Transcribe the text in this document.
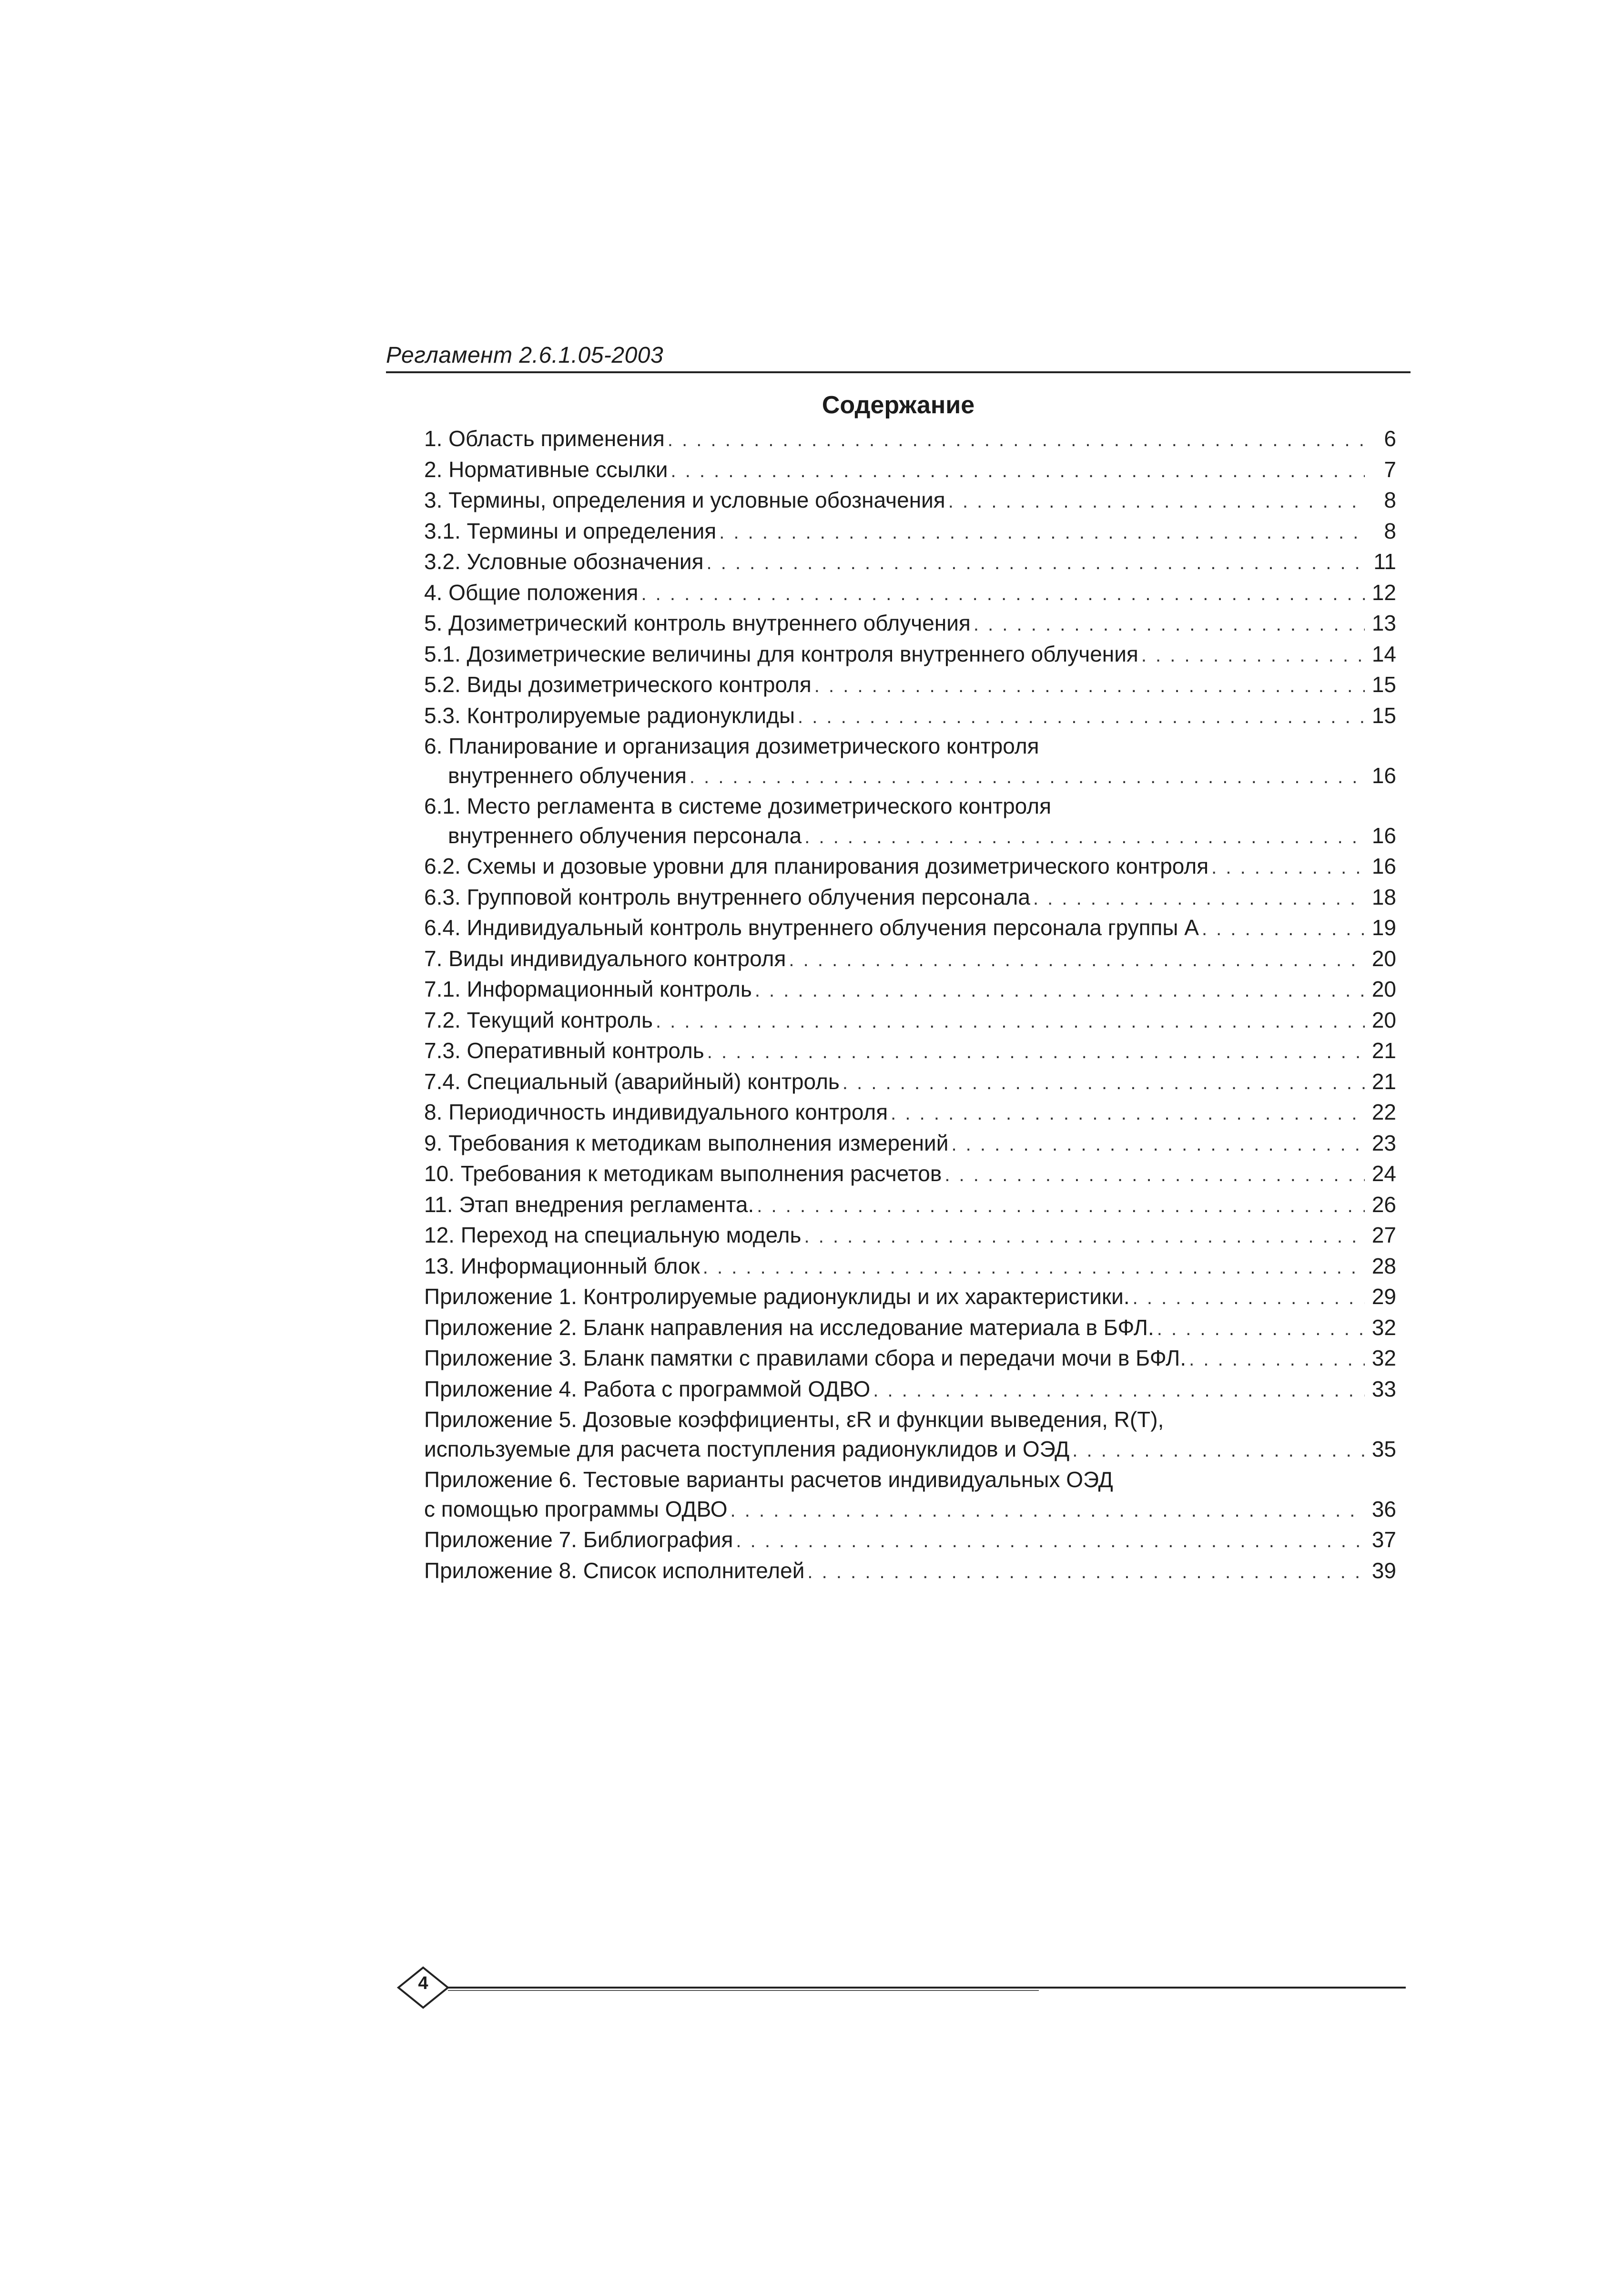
Регламент 2.6.1.05-2003
Содержание
1. Область применения . . .	6
2. Нормативные ссылки . . .	7
3. Термины, определения и условные обозначения . . .	8
3.1. Термины и определения . . .	8
3.2. Условные обозначения . . .	11
4. Общие положения . . .	12
5. Дозиметрический контроль внутреннего облучения . . .	13
5.1. Дозиметрические величины для контроля внутреннего облучения . . .	14
5.2. Виды дозиметрического контроля . . .	15
5.3. Контролируемые радионуклиды . . .	15
6. Планирование и организация дозиметрического контроля
внутреннего облучения . . .	16
6.1. Место регламента в системе дозиметрического контроля
внутреннего облучения персонала . . .	16
6.2. Схемы и дозовые уровни для планирования дозиметрического контроля . . .	16
6.3. Групповой контроль внутреннего облучения персонала . . .	18
6.4. Индивидуальный контроль внутреннего облучения персонала группы А . . .	19
7. Виды индивидуального контроля . . .	20
7.1. Информационный контроль . . .	20
7.2. Текущий контроль . . .	20
7.3. Оперативный контроль . . .	21
7.4. Специальный (аварийный) контроль . . .	21
8. Периодичность индивидуального контроля . . .	22
9. Требования к методикам выполнения измерений . . .	23
10. Требования к методикам выполнения расчетов . . .	24
11. Этап внедрения регламента. . . .	26
12. Переход на специальную модель . . .	27
13. Информационный блок . . .	28
Приложение 1. Контролируемые радионуклиды и их характеристики. . . .	29
Приложение 2. Бланк направления на исследование материала в БФЛ. . . .	32
Приложение 3. Бланк памятки с правилами сбора и передачи мочи в БФЛ. . . .	32
Приложение 4. Работа с программой ОДВО . . .	33
Приложение 5. Дозовые коэффициенты, εR и функции выведения, R(T),
используемые для расчета поступления радионуклидов и ОЭД . . .	35
Приложение 6. Тестовые варианты расчетов индивидуальных ОЭД
с помощью программы ОДВО . . .	36
Приложение 7. Библиография . . .	37
Приложение 8. Список исполнителей . . .	39
4
